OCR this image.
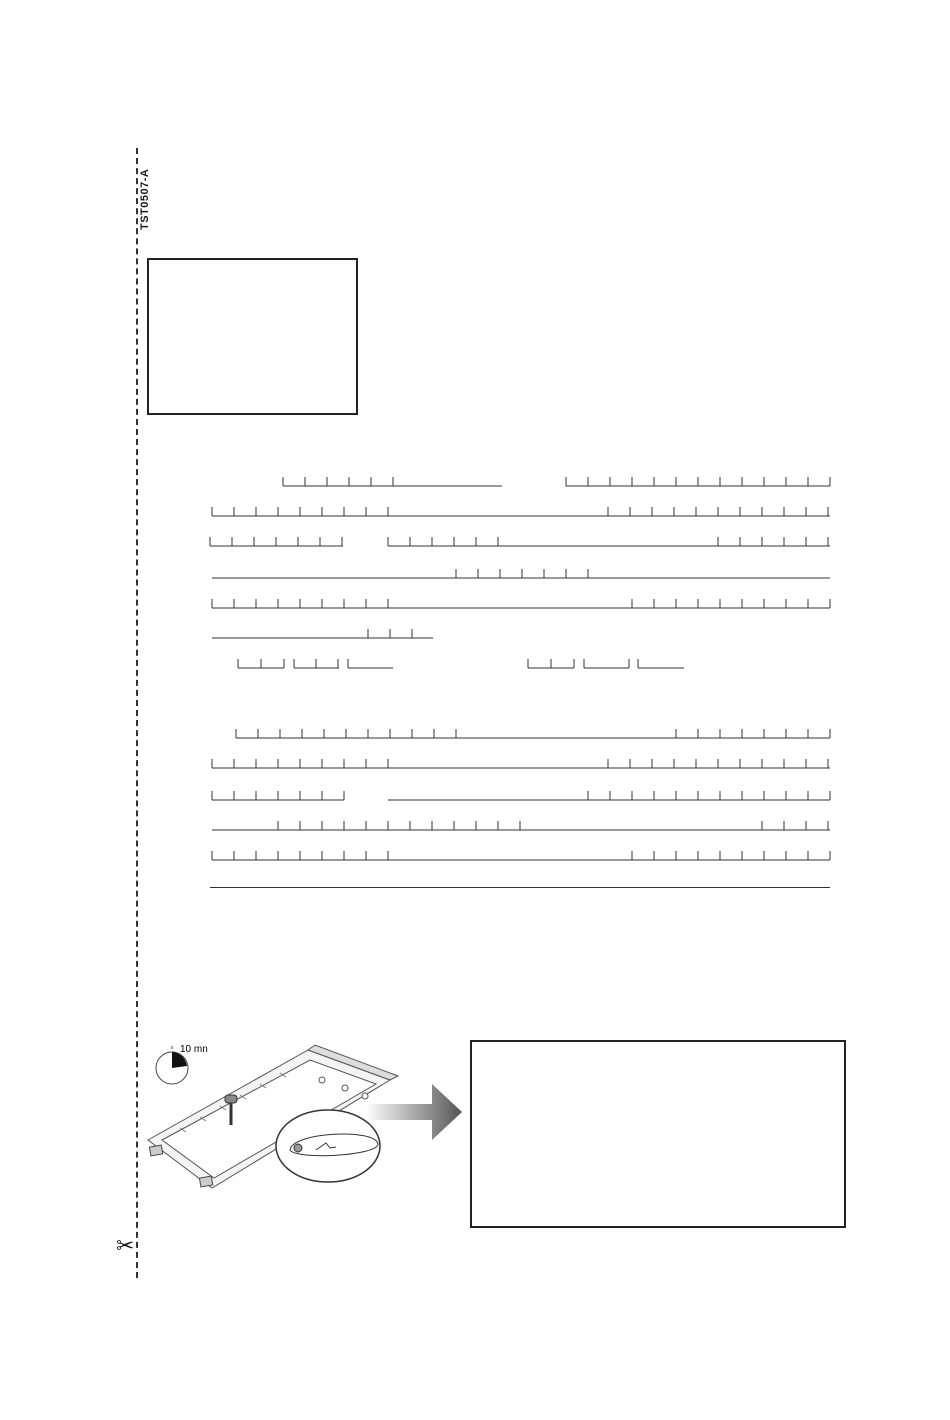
TST0507-A
10 mn
✂
